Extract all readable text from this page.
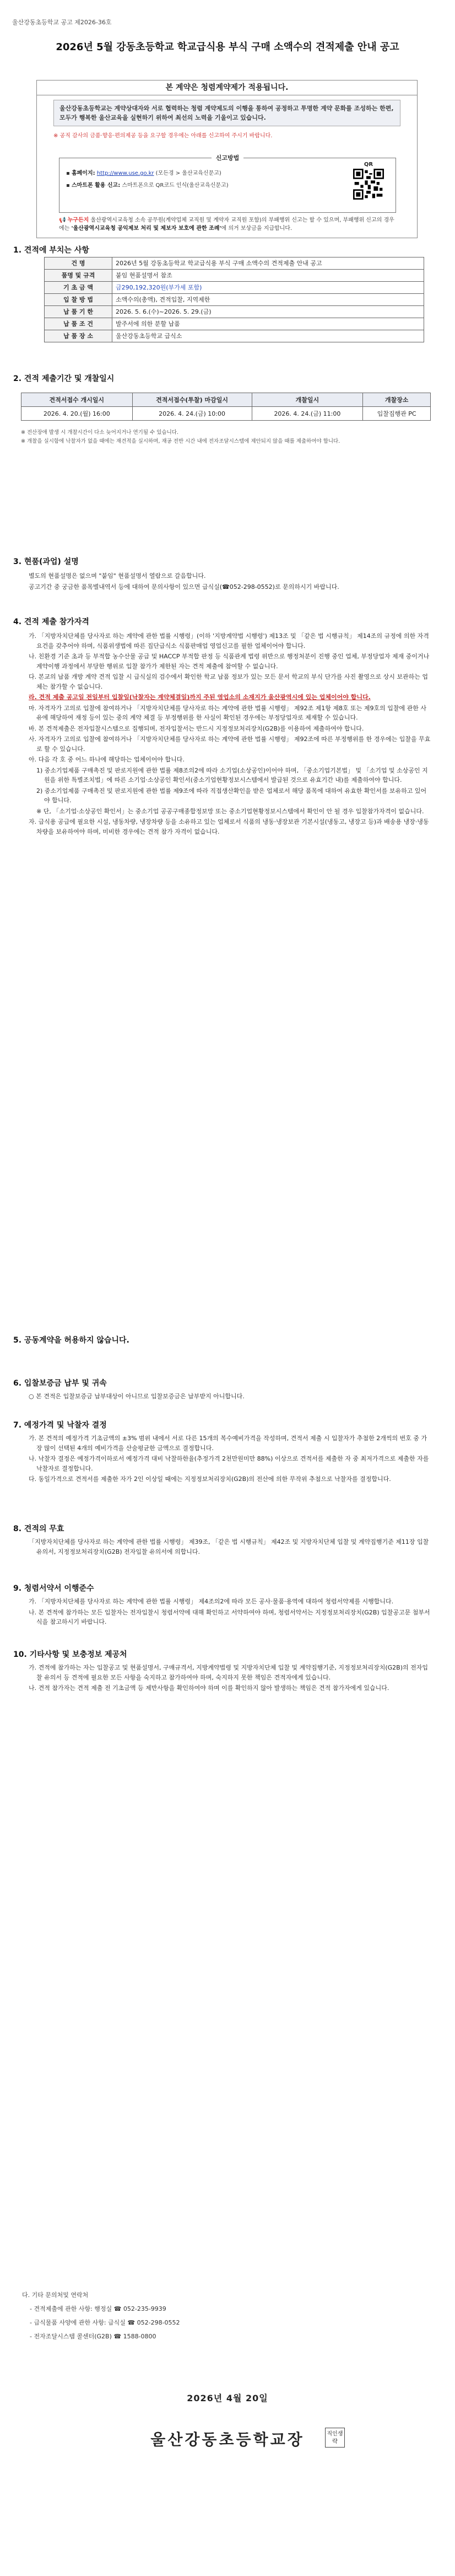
울산강동초등학교 공고 제2026-36호
2026년 5월 강동초등학교 학교급식용 부식 구매 소액수의 견적제출 안내 공고
본 계약은 청렴계약제가 적용됩니다.
울산강동초등학교는 계약상대자와 서로 협력하는 청렴 계약제도의 이행을 통하여 공정하고 투명한 계약 문화를 조성하는 한편, 모두가 행복한 울산교육을 실현하기 위하여 최선의 노력을 기울이고 있습니다.
※ 공직 감사의 금품·향응·편의제공 등을 요구할 경우에는 아래를 신고하여 주시기 바랍니다.
신고방법
▪ 홈페이지: http://www.use.go.kr (모든경 > 울산교육신문고)
▪ 스마트폰 활용 신고: 스마트폰으로 QR코드 인식(울산교육신문고)
QR
📢 누구든지 울산광역시교육청 소속 공무원(계약업체 교직원 및 계약자 교직원 포함)의 부패행위 신고는 할 수 있으며, 부패행위 신고의 경우에는 '울산광역시교육청 공익제보 처리 및 제보자 보호에 관한 조례'에 의거 보상금을 지급합니다.
1. 견적에 부치는 사항
건 명	2026년 5월 강동초등학교 학교급식용 부식 구매 소액수의 견적제출 안내 공고
품명 및 규격	붙임 현품설명서 참조
기 초 금 액	금290,192,320원(부가세 포함)
입 찰 방 법	소액수의(총액), 견적입찰, 지역제한
납 품 기 한	2026. 5. 6.(수)~2026. 5. 29.(금)
납 품 조 건	발주서에 의한 분할 납품
납 품 장 소	울산강동초등학교 급식소
2. 견적 제출기간 및 개찰일시
견적서접수 개시일시	견적서접수(투찰) 마감일시	개찰일시	개찰장소
2026. 4. 20.(월) 16:00	2026. 4. 24.(금) 10:00	2026. 4. 24.(금) 11:00	입찰집행관 PC
※ 전산장애 발생 시 개찰시간이 다소 늦어지거나 연기될 수 있습니다.
※ 개찰을 실시함에 낙찰자가 없을 때에는 재견적을 실시하며, 재공 전반 시간 내에 전자조달시스템에 제안되지 않을 때를 제출하여야 합니다.
3. 현품(과업) 설명

별도의 현품설명은 없으며 "붙임" 현품설명서 열람으로 갈음합니다.

공고기간 중 궁금한 품목별내역서 등에 대하여 문의사항이 있으면 급식실(☎052-298-0552)로 문의하시기 바랍니다.

4. 견적 제출 참가자격

가. 「지방자치단체를 당사자로 하는 계약에 관한 법률 시행령」(이하 '지방계약법 시행령') 제13조 및 「같은 법 시행규칙」 제14조의 규정에 의한 자격요건을 갖추어야 하며, 식품위생법에 따른 집단급식소 식품판매업 영업신고를 필한 업체이어야 합니다.

나. 친환경 기준 초과 등 부적합 농수산물 공급 및 HACCP 부적합 판정 등 식품관계 법령 위반으로 행정처분이 진행 중인 업체, 부정당업자 제재 중이거나 계약이행 과정에서 부당한 행위로 입찰 참가가 제한된 자는 견적 제출에 참여할 수 없습니다.

다. 본교의 납품 개방 계약 견적 입찰 시 급식실의 검수에서 확인한 학교 납품 정보가 있는 모든 문서 학교의 부식 단가를 사진 촬영으로 상시 보관하는 업체는 참가할 수 없습니다.

라. 견적 제출 공고일 전일부터 입찰일(낙찰자는 계약체결일)까지 주된 영업소의 소재지가 울산광역시에 있는 업체이어야 합니다.

마. 자격자가 고의로 입찰에 참여하거나 「지방자치단체를 당사자로 하는 계약에 관한 법률 시행령」 제92조 제1항 제8호 또는 제9호의 입찰에 관한 사유에 해당하여 재정 등이 있는 중의 계약 체결 등 부정행위를 한 사실이 확인된 경우에는 부정당업자로 제재할 수 있습니다.

바. 본 견적제출은 전자입찰시스템으로 집행되며, 전자입찰서는 반드시 지정정보처리장치(G2B)를 이용하여 제출하여야 합니다.

사. 자격자가 고의로 입찰에 참여하거나 「지방자치단체를 당사자로 하는 계약에 관한 법률 시행령」 제92조에 따른 부정행위를 한 경우에는 입찰을 무효로 할 수 있습니다.

아. 다음 각 호 중 어느 하나에 해당하는 업체이어야 합니다.

1) 중소기업제품 구매촉진 및 판로지원에 관한 법률 제8조의2에 따라 소기업(소상공인)이어야 하며, 「중소기업기본법」 및 「소기업 및 소상공인 지원을 위한 특별조치법」에 따른 소기업·소상공인 확인서(중소기업현황정보시스템에서 발급된 것으로 유효기간 내)를 제출하여야 합니다.

2) 중소기업제품 구매촉진 및 판로지원에 관한 법률 제9조에 따라 직접생산확인을 받은 업체로서 해당 품목에 대하여 유효한 확인서를 보유하고 있어야 합니다.

※ 단, 「소기업·소상공인 확인서」는 중소기업 공공구매종합정보망 또는 중소기업현황정보시스템에서 확인이 안 될 경우 입찰참가자격이 없습니다.

자. 급식용 공급에 필요한 시설, 냉동차량, 냉장차량 등을 소유하고 있는 업체로서 식품의 냉동·냉장보관 기본시설(냉동고, 냉장고 등)과 배송용 냉장·냉동차량을 보유하여야 하며, 미비한 경우에는 견적 참가 자격이 없습니다.

5. 공동계약을 허용하지 않습니다.
6. 입찰보증금 납부 및 귀속

○ 본 견적은 입찰보증금 납부대상이 아니므로 입찰보증금은 납부받지 아니합니다.

7. 예정가격 및 낙찰자 결정

가. 본 견적의 예정가격 기초금액의 ±3% 범위 내에서 서로 다른 15개의 복수예비가격을 작성하며, 견적서 제출 시 입찰자가 추첨한 2개씩의 번호 중 가장 많이 선택된 4개의 예비가격을 산술평균한 금액으로 결정합니다.

나. 낙찰자 결정은 예정가격이하로서 예정가격 대비 낙찰하한율(추정가격 2천만원미만 88%) 이상으로 견적서를 제출한 자 중 최저가격으로 제출한 자를 낙찰자로 결정합니다.

다. 동일가격으로 견적서를 제출한 자가 2인 이상일 때에는 지정정보처리장치(G2B)의 전산에 의한 무작위 추첨으로 낙찰자를 결정합니다.

8. 견적의 무효

「지방자치단체를 당사자로 하는 계약에 관한 법률 시행령」 제39조, 「같은 법 시행규칙」 제42조 및 지방자치단체 입찰 및 계약집행기준 제11장 입찰유의서, 지정정보처리장치(G2B) 전자입찰 유의서에 의합니다.

9. 청렴서약서 이행준수

가. 「지방자치단체를 당사자로 하는 계약에 관한 법률 시행령」 제4조의2에 따라 모든 공사·물품·용역에 대하여 청렴서약제를 시행합니다.

나. 본 견적에 참가하는 모든 입찰자는 전자입찰시 청렴서약에 대해 확인하고 서약하여야 하며, 청렴서약서는 지정정보처리장치(G2B) 입찰공고문 첨부서식을 참고하시기 바랍니다.

10. 기타사항 및 보충정보 제공처

가. 견적에 참가하는 자는 입찰공고 및 현품설명서, 구매규격서, 지방계약법령 및 지방자치단체 입찰 및 계약집행기준, 지정정보처리장치(G2B)의 전자입찰 유의서 등 견적에 필요한 모든 사항을 숙지하고 참가하여야 하며, 숙지하지 못한 책임은 견적자에게 있습니다.

나. 견적 참가자는 견적 제출 전 기초금액 등 제반사항을 확인하여야 하며 이를 확인하지 않아 발생하는 책임은 견적 참가자에게 있습니다.

다. 기타 문의처및 연락처
- 견적제출에 관한 사항: 행정실 ☎ 052-235-9939
- 급식물품 사양에 관한 사항: 급식실 ☎ 052-298-0552
- 전자조달시스템 콜센터(G2B) ☎ 1588-0800
2026년 4월 20일
울산강동초등학교장	직인생략
